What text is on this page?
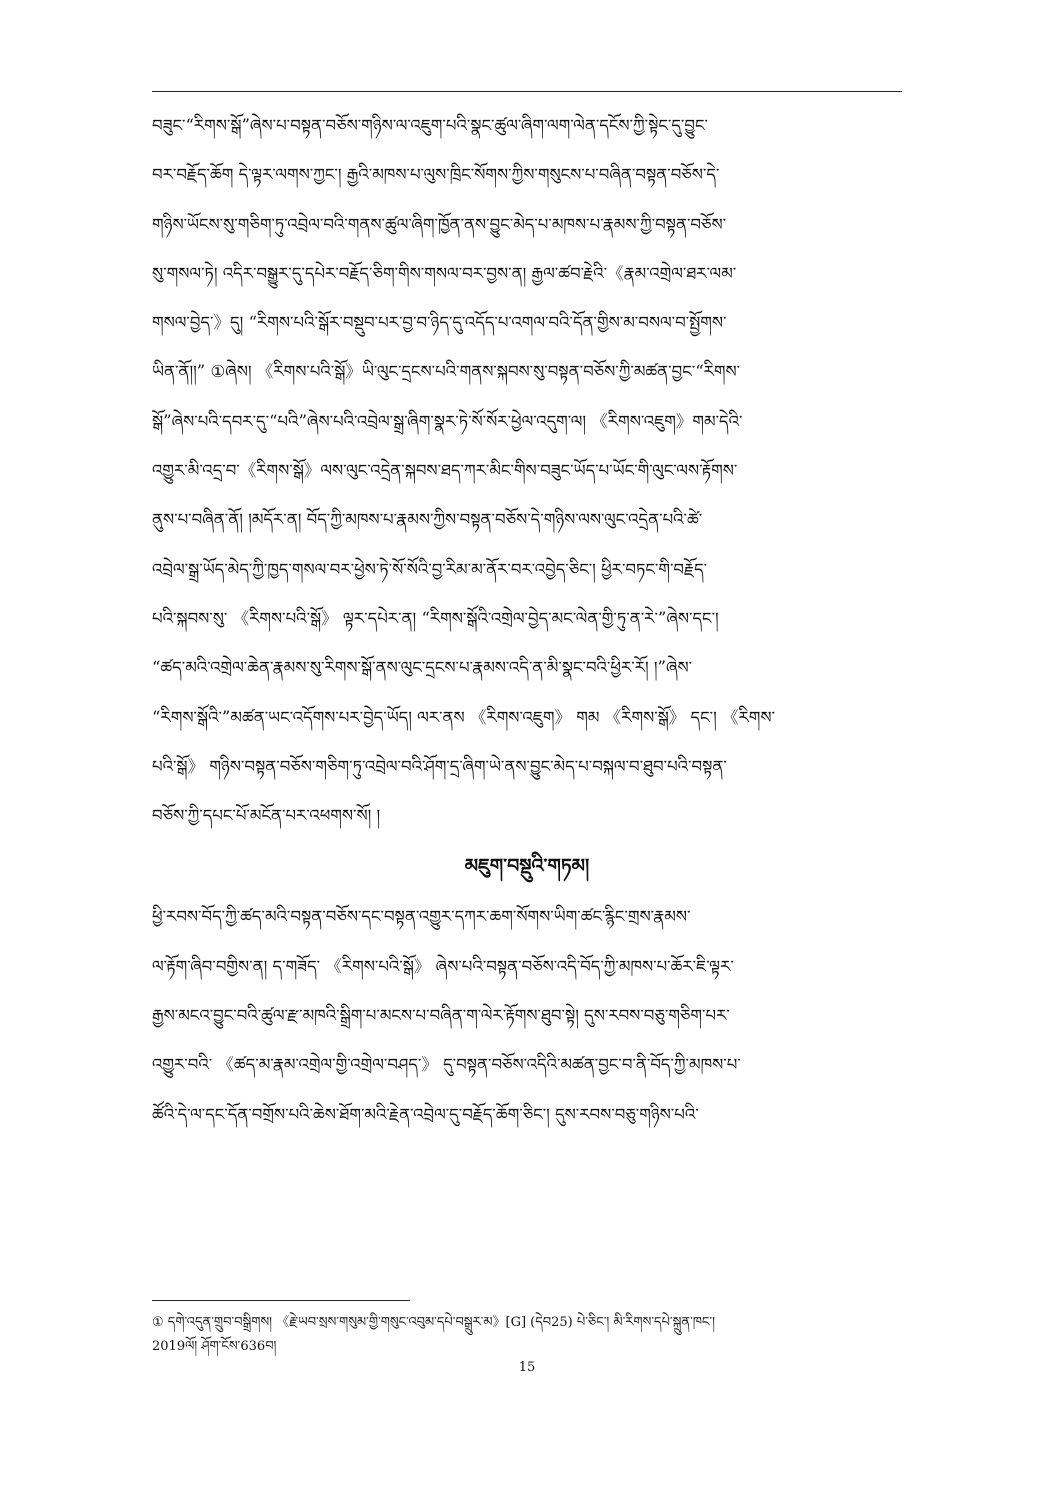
བཟུང་“རིགས་སྒོ”ཞེས་པ་བསྟན་བཅོས་གཉིས་ལ་འཇུག་པའི་སྣང་ཚུལ་ཞིག་ལག་ལེན་དངོས་ཀྱི་སྟེང་དུ་བྱུང་
བར་བརྗོད་ཆོག དེ་ལྟར་ལགས་ཀྱང་། རྒྱའི་མཁས་པ་ལུས་ཁྲིང་སོགས་ཀྱིས་གསུངས་པ་བཞིན་བསྟན་བཅོས་དེ་
གཉིས་ཡོངས་སུ་གཅིག་ཏུ་འབྲེལ་བའི་གནས་ཚུལ་ཞིག་ཁྱོན་ནས་བྱུང་མེད་པ་མཁས་པ་རྣམས་ཀྱི་བསྟན་བཅོས་
སུ་གསལ་ཏེ། འདིར་བསྒྱུར་དུ་དཔེར་བརྗོད་ཅིག་གིས་གསལ་བར་བྱས་ན། རྒྱལ་ཚབ་རྗེའི་《རྣམ་འགྲེལ་ཐར་ལམ་
གསལ་བྱེད་》དུ། “རིགས་པའི་སྒོར་བསྡུབ་པར་བྱ་བ་ཉིད་དུ་འདོད་པ་འགལ་བའི་དོན་གྱིས་མ་བསལ་བ་སྤྱོགས་
ཡིན་ནོ།།” ①ཞེས། 《རིགས་པའི་སྒོ》ཡི་ལུང་དྲངས་པའི་གནས་སྐབས་སུ་བསྟན་བཅོས་ཀྱི་མཚན་བྱང་“རིགས་
སྒོ”ཞེས་པའི་དབར་དུ་“པའི”ཞེས་པའི་འབྲེལ་སྒྲ་ཞིག་སྣར་ཏེ་སོ་སོར་ཕྱེལ་འདུག་ལ། 《རིགས་འཇུག》གམ་དེའི་
འགྱུར་མི་འདྲ་བ་《རིགས་སྒོ》ལས་ལུང་འདྲེན་སྐབས་ཐད་ཀར་མིང་གིས་བཟུང་ཡོད་པ་ཡོང་གི་ལུང་ལས་རྟོགས་
ནུས་པ་བཞིན་ནོ། །མདོར་ན། བོད་ཀྱི་མཁས་པ་རྣམས་ཀྱིས་བསྟན་བཅོས་དེ་གཉིས་ལས་ལུང་འདྲེན་པའི་ཚེ་
འབྲེལ་སྒྲ་ཡོད་མེད་ཀྱི་ཁྱད་གསལ་བར་ཕྱེས་ཏེ་སོ་སོའི་བྱ་རིམ་མ་ནོར་བར་འབྱེད་ཅིང་། ཕྱིར་བཏང་གི་བརྗོད་
པའི་སྐབས་སུ་ 《རིགས་པའི་སྒོ》 ལྟར་དཔེར་ན། “རིགས་སྒོའི་འགྲེལ་བྱེད་མང་ལེན་གྱི་ཏུ་ན་རེ་”ཞེས་དང་།
“ཚད་མའི་འགྲེལ་ཆེན་རྣམས་སུ་རིགས་སྒོ་ནས་ལུང་དྲངས་པ་རྣམས་འདི་ན་མི་སྣང་བའི་ཕྱིར་རོ། །”ཞེས་
“རིགས་སྒོའི་”མཚན་ཡང་འདོགས་པར་བྱེད་ཡོད། ལར་ནས 《རིགས་འཇུག》 གམ 《རིགས་སྒོ》 དང་། 《རིགས་
པའི་སྒོ》 གཉིས་བསྟན་བཅོས་གཅིག་ཏུ་འབྲེལ་བའི་ཤོག་དྲ་ཞིག་ཡེ་ནས་བྱུང་མེད་པ་བསྐལ་བ་ཐུབ་པའི་བསྟན་
བཅོས་ཀྱི་དཔང་པོ་མངོན་པར་འཕགས་སོ། །
མཇུག་བསྡུའི་གཏམ།
ཕྱི་རབས་བོད་ཀྱི་ཚད་མའི་བསྟན་བཅོས་དང་བསྟན་འགྱུར་དཀར་ཆག་སོགས་ཡིག་ཚང་རྙིང་གྲས་རྣམས་
ལ་རྟོག་ཞིབ་བགྱིས་ན། ད་གཟོད་ 《རིགས་པའི་སྒོ》 ཞེས་པའི་བསྟན་བཅོས་འདི་བོད་ཀྱི་མཁས་པ་ཆོར་ཇི་ལྟར་
རྒྱས་མངའ་བྱུང་བའི་ཚུལ་རྫ་མཁའི་སྒྲིག་པ་མངས་པ་བཞིན་ག་ལེར་རྟོགས་ཐུབ་སྟེ། དུས་རབས་བཅུ་གཅིག་པར་
འགྱུར་བའི་ 《ཚད་མ་རྣམ་འགྲེལ་གྱི་འགྲེལ་བཤད་》 དུ་བསྟན་བཅོས་འདིའི་མཚན་བྱང་བ་ནི་བོད་ཀྱི་མཁས་པ་
ཚོའི་དེ་ལ་དང་དོན་བགྲོས་པའི་ཆེས་ཐོག་མའི་རྗེན་འབྲེལ་དུ་བརྗོད་ཆོག་ཅིང་། དུས་རབས་བཅུ་གཉིས་པའི་
① དགེ་འདུན་གྲུབ་བསྒྲིགས། 《རྗེ་ཡབ་སྲས་གསུམ་གྱི་གསུང་འབུམ་དཔེ་བསྒྲུར་མ》[G] (དེབ25) པེ་ཅིང་། མི་རིགས་དཔེ་སྐྲུན་ཁང་།
2019ལོ། ཤོག་ངོས་636བ།
15
